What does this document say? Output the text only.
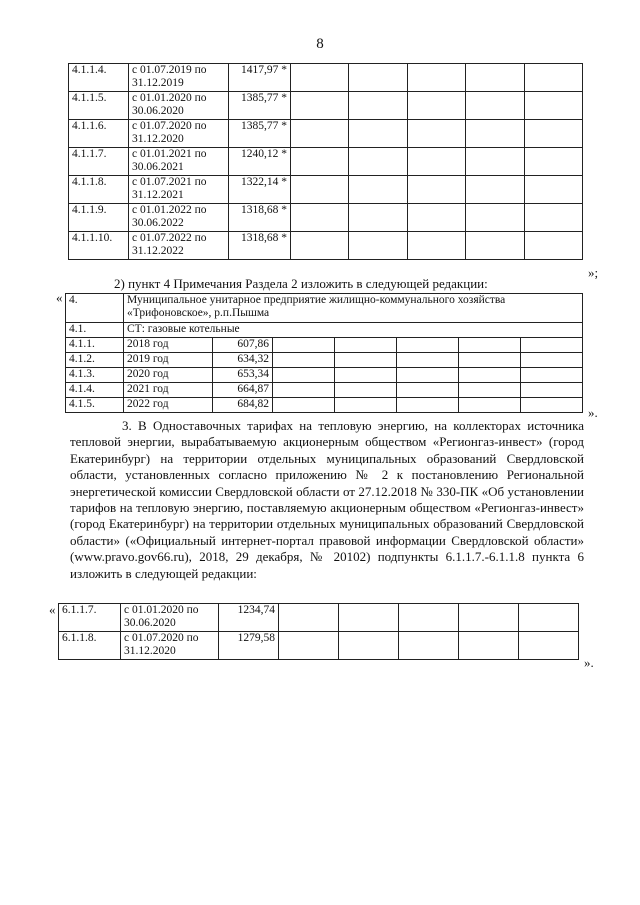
8
4.1.1.4.	с 01.07.2019 по 31.12.2019	1417,97 *					
4.1.1.5.	с 01.01.2020 по 30.06.2020	1385,77 *					
4.1.1.6.	с 01.07.2020 по 31.12.2020	1385,77 *					
4.1.1.7.	с 01.01.2021 по 30.06.2021	1240,12 *					
4.1.1.8.	с 01.07.2021 по 31.12.2021	1322,14 *					
4.1.1.9.	с 01.01.2022 по 30.06.2022	1318,68 *					
4.1.1.10.	с 01.07.2022 по 31.12.2022	1318,68 *					
»;
2) пункт 4 Примечания Раздела 2 изложить в следующей редакции:
« 4.	Муниципальное унитарное предприятие жилищно-коммунального хозяйства «Трифоновское», р.п.Пышма						
4.1.	СТ: газовые котельные						
4.1.1.	2018 год	607,86					
4.1.2.	2019 год	634,32					
4.1.3.	2020 год	653,34					
4.1.4.	2021 год	664,87					
4.1.5.	2022 год	684,82					
».
3. В Одноставочных тарифах на тепловую энергию, на коллекторах источника тепловой энергии, вырабатываемую акционерным обществом «Регионгаз-инвест» (город Екатеринбург) на территории отдельных муниципальных образований Свердловской области, установленных согласно приложению № 2 к постановлению Региональной энергетической комиссии Свердловской области от 27.12.2018 № 330-ПК «Об установлении тарифов на тепловую энергию, поставляемую акционерным обществом «Регионгаз-инвест» (город Екатеринбург) на территории отдельных муниципальных образований Свердловской области» («Официальный интернет-портал правовой информации Свердловской области» (www.pravo.gov66.ru), 2018, 29 декабря, № 20102) подпункты 6.1.1.7.-6.1.1.8 пункта 6 изложить в следующей редакции:
« 6.1.1.7.	с 01.01.2020 по 30.06.2020	1234,74					
6.1.1.8.	с 01.07.2020 по 31.12.2020	1279,58					
».
